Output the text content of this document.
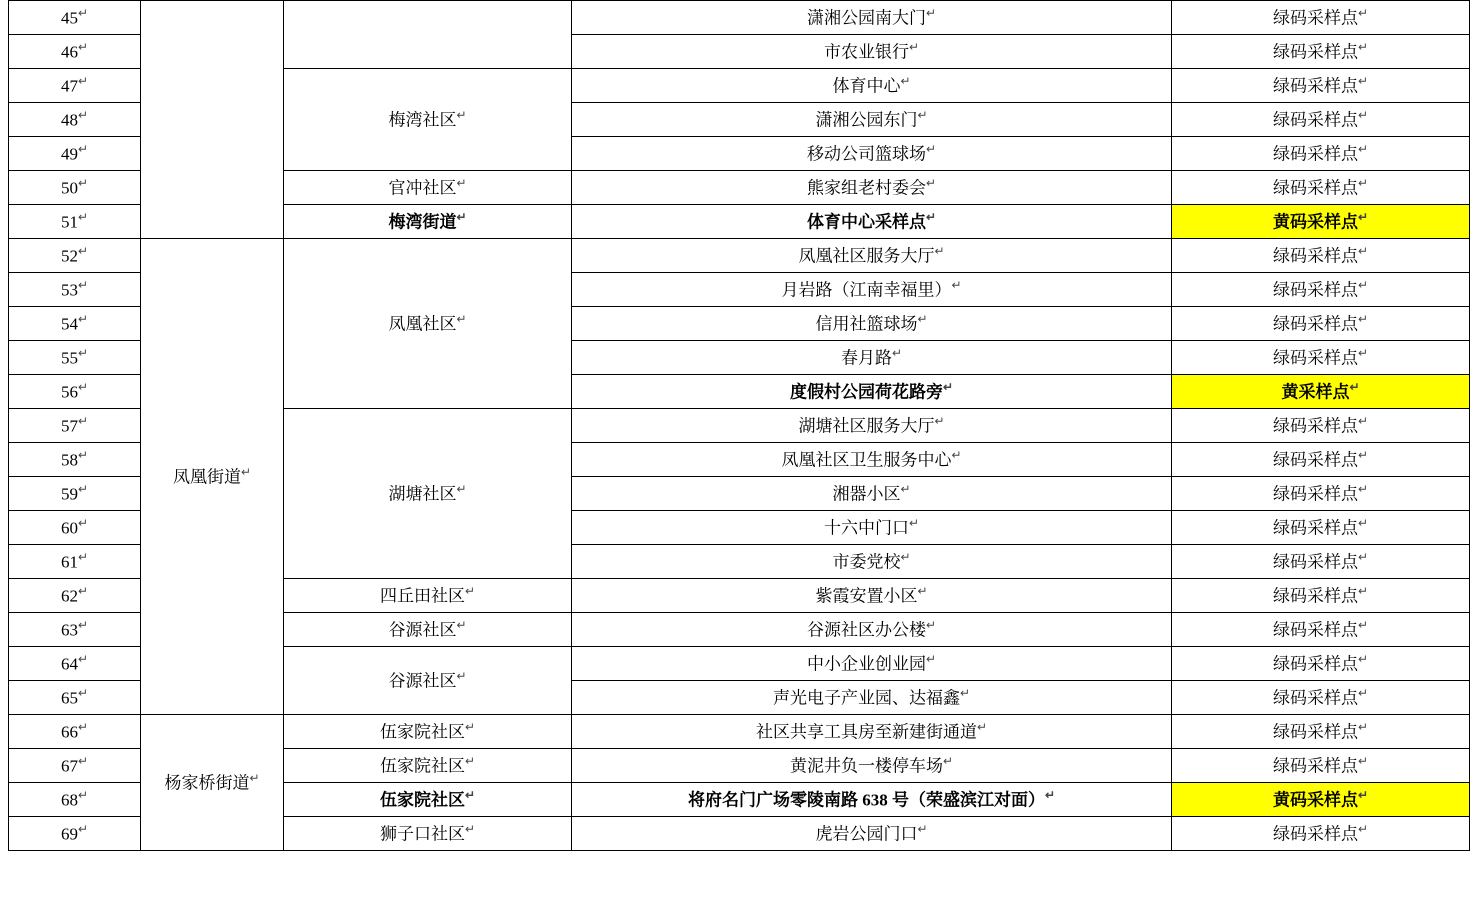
45↵			潇湘公园南大门↵	绿码采样点↵
46↵			市农业银行↵	绿码采样点↵
47↵		梅湾社区↵	体育中心↵	绿码采样点↵
48↵			潇湘公园东门↵	绿码采样点↵
49↵			移动公司篮球场↵	绿码采样点↵
50↵		官冲社区↵	熊家组老村委会↵	绿码采样点↵
51↵		梅湾街道↵	体育中心采样点↵	黄码采样点↵
52↵	凤凰街道↵	凤凰社区↵	凤凰社区服务大厅↵	绿码采样点↵
53↵			月岩路（江南幸福里）↵	绿码采样点↵
54↵			信用社篮球场↵	绿码采样点↵
55↵			春月路↵	绿码采样点↵
56↵			度假村公园荷花路旁↵	黄采样点↵
57↵		湖塘社区↵	湖塘社区服务大厅↵	绿码采样点↵
58↵			凤凰社区卫生服务中心↵	绿码采样点↵
59↵			湘器小区↵	绿码采样点↵
60↵			十六中门口↵	绿码采样点↵
61↵			市委党校↵	绿码采样点↵
62↵		四丘田社区↵	紫霞安置小区↵	绿码采样点↵
63↵		谷源社区↵	谷源社区办公楼↵	绿码采样点↵
64↵		谷源社区↵	中小企业创业园↵	绿码采样点↵
65↵			声光电子产业园、达福鑫↵	绿码采样点↵
66↵	杨家桥街道↵	伍家院社区↵	社区共享工具房至新建街通道↵	绿码采样点↵
67↵		伍家院社区↵	黄泥井负一楼停车场↵	绿码采样点↵
68↵		伍家院社区↵	将府名门广场零陵南路 638 号（荣盛滨江对面）↵	黄码采样点↵
69↵		狮子口社区↵	虎岩公园门口↵	绿码采样点↵
